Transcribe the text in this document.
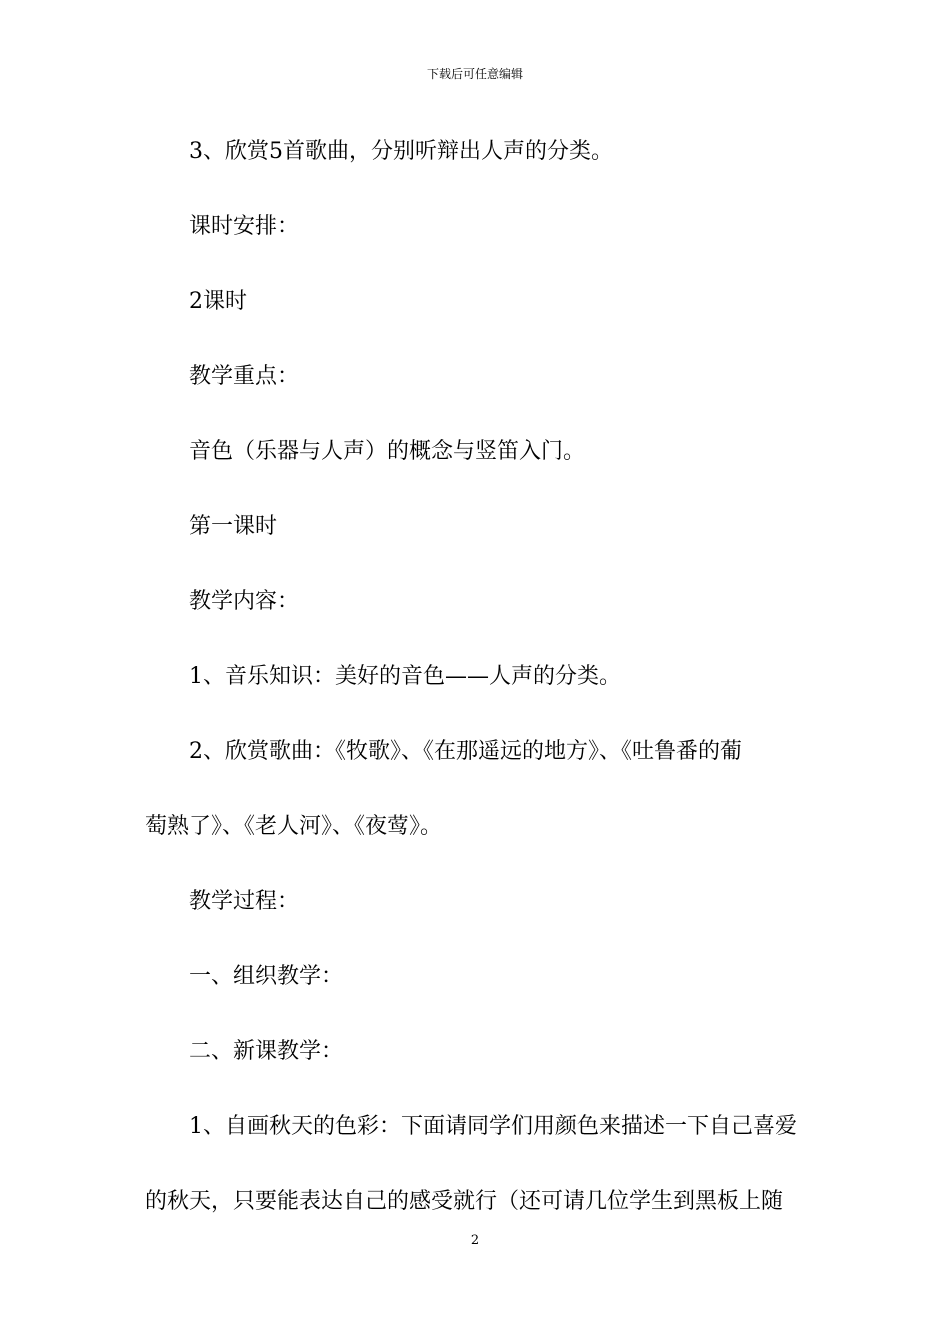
下载后可任意编辑
3、欣赏5首歌曲，分别听辩出人声的分类。
课时安排：
2课时
教学重点：
音色（乐器与人声）的概念与竖笛入门。
第一课时
教学内容：
1、音乐知识：美好的音色——人声的分类。
2、欣赏歌曲：《牧歌》、《在那遥远的地方》、《吐鲁番的葡
萄熟了》、《老人河》、《夜莺》。
教学过程：
一、组织教学：
二、新课教学：
1、自画秋天的色彩：下面请同学们用颜色来描述一下自己喜爱
的秋天，只要能表达自己的感受就行（还可请几位学生到黑板上随
2
